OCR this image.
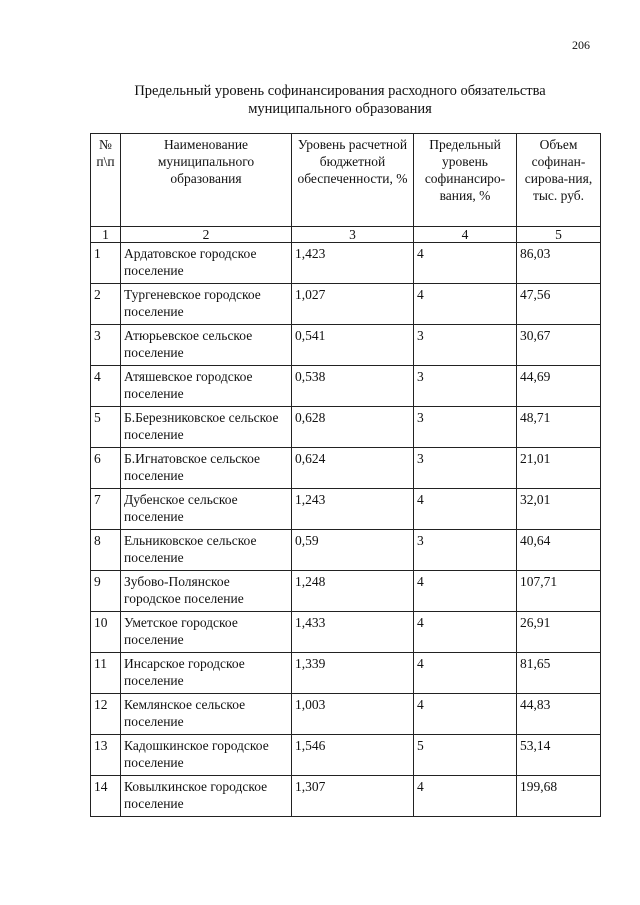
206
Предельный уровень софинансирования расходного обязательства
муниципального образования
№ п\п	Наименование муниципального образования	Уровень расчетной бюджетной обеспеченности, %	Предельный уровень софинансиро-вания, %	Объем софинан-сирова-ния, тыс. руб.
1	2	3	4	5
1	Ардатовское городское поселение	1,423	4	86,03
2	Тургеневское городское поселение	1,027	4	47,56
3	Атюрьевское сельское поселение	0,541	3	30,67
4	Атяшевское городское поселение	0,538	3	44,69
5	Б.Березниковское сельское поселение	0,628	3	48,71
6	Б.Игнатовское сельское поселение	0,624	3	21,01
7	Дубенское сельское поселение	1,243	4	32,01
8	Ельниковское сельское поселение	0,59	3	40,64
9	Зубово-Полянское городское поселение	1,248	4	107,71
10	Уметское городское поселение	1,433	4	26,91
11	Инсарское городское поселение	1,339	4	81,65
12	Кемлянское сельское поселение	1,003	4	44,83
13	Кадошкинское городское поселение	1,546	5	53,14
14	Ковылкинское городское поселение	1,307	4	199,68
